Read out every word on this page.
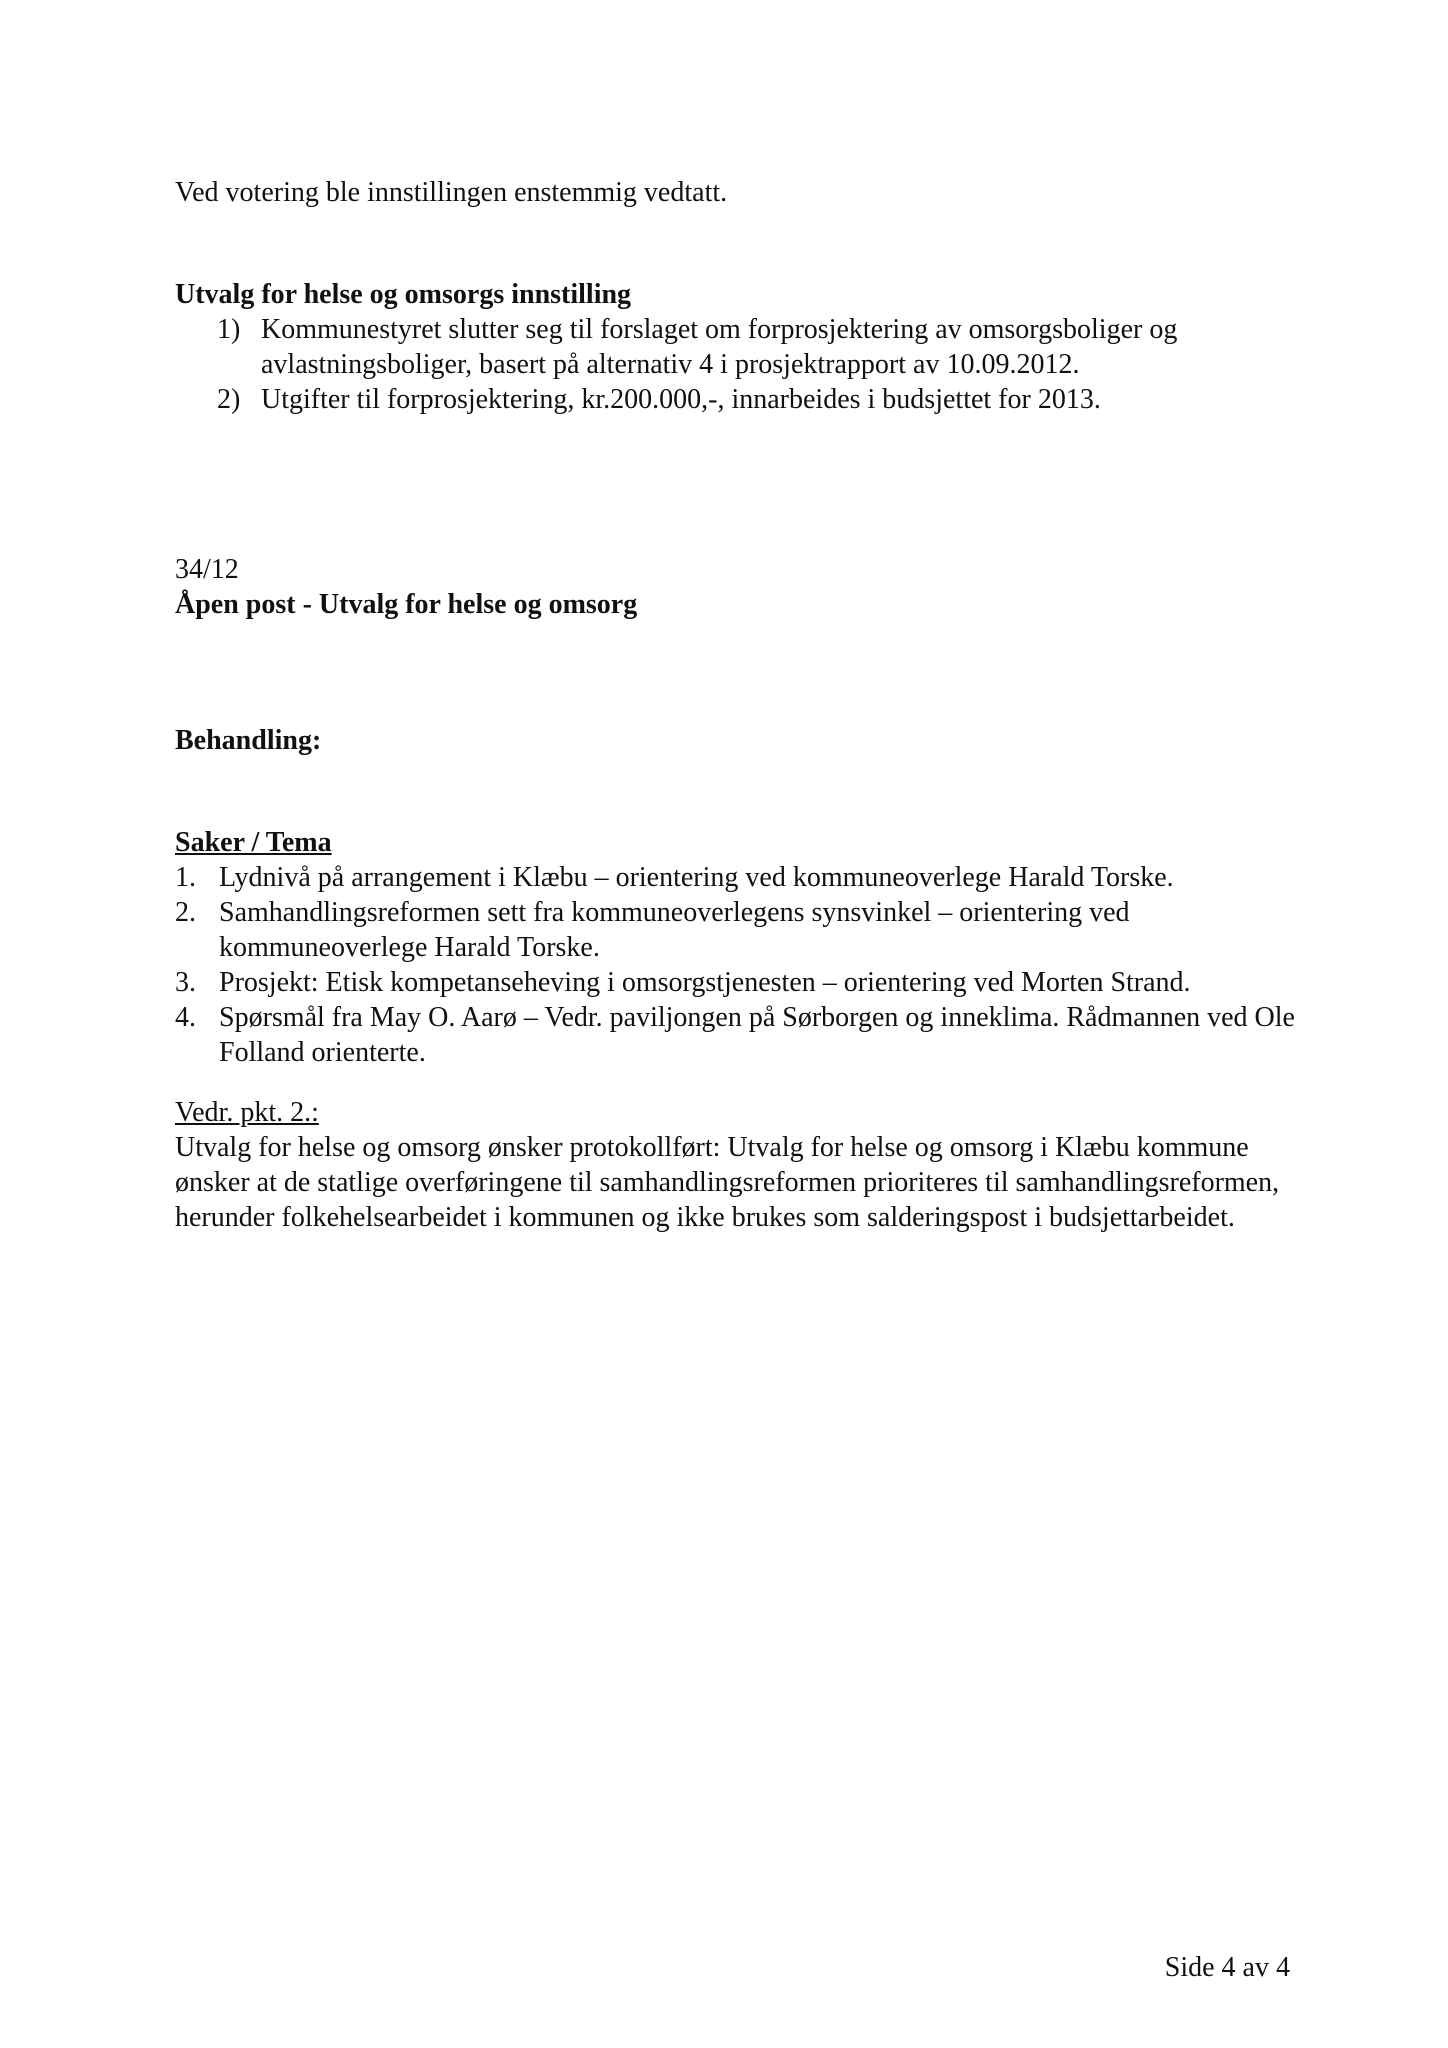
Ved votering ble innstillingen enstemmig vedtatt.

Utvalg for helse og omsorgs innstilling

1) Kommunestyret slutter seg til forslaget om forprosjektering av omsorgsboliger og avlastningsboliger, basert på alternativ 4 i prosjektrapport av 10.09.2012.
2) Utgifter til forprosjektering, kr.200.000,-, innarbeides i budsjettet for 2013.

34/12

Åpen post - Utvalg for helse og omsorg

Behandling:

Saker / Tema

1. Lydnivå på arrangement i Klæbu – orientering ved kommuneoverlege Harald Torske.
2. Samhandlingsreformen sett fra kommuneoverlegens synsvinkel – orientering ved kommuneoverlege Harald Torske.
3. Prosjekt: Etisk kompetanseheving i omsorgstjenesten – orientering ved Morten Strand.
4. Spørsmål fra May O. Aarø – Vedr. paviljongen på Sørborgen og inneklima. Rådmannen ved Ole Folland orienterte.

Vedr. pkt. 2.:

Utvalg for helse og omsorg ønsker protokollført: Utvalg for helse og omsorg i Klæbu kommune ønsker at de statlige overføringene til samhandlingsreformen prioriteres til samhandlingsreformen, herunder folkehelsearbeidet i kommunen og ikke brukes som salderingspost i budsjettarbeidet.

Side 4 av 4
